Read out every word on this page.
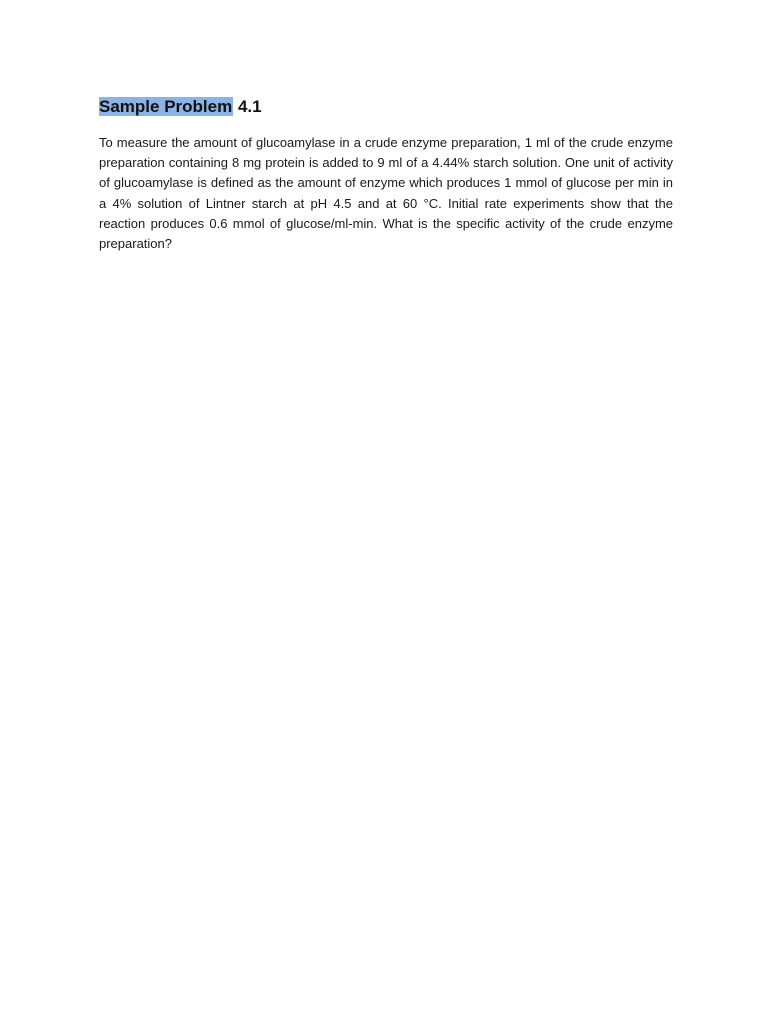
Sample Problem 4.1

To measure the amount of glucoamylase in a crude enzyme preparation, 1 ml of the crude enzyme preparation containing 8 mg protein is added to 9 ml of a 4.44% starch solution. One unit of activity of glucoamylase is defined as the amount of enzyme which produces 1 mmol of glucose per min in a 4% solution of Lintner starch at pH 4.5 and at 60 °C. Initial rate experiments show that the reaction produces 0.6 mmol of glucose/ml-min. What is the specific activity of the crude enzyme preparation?
